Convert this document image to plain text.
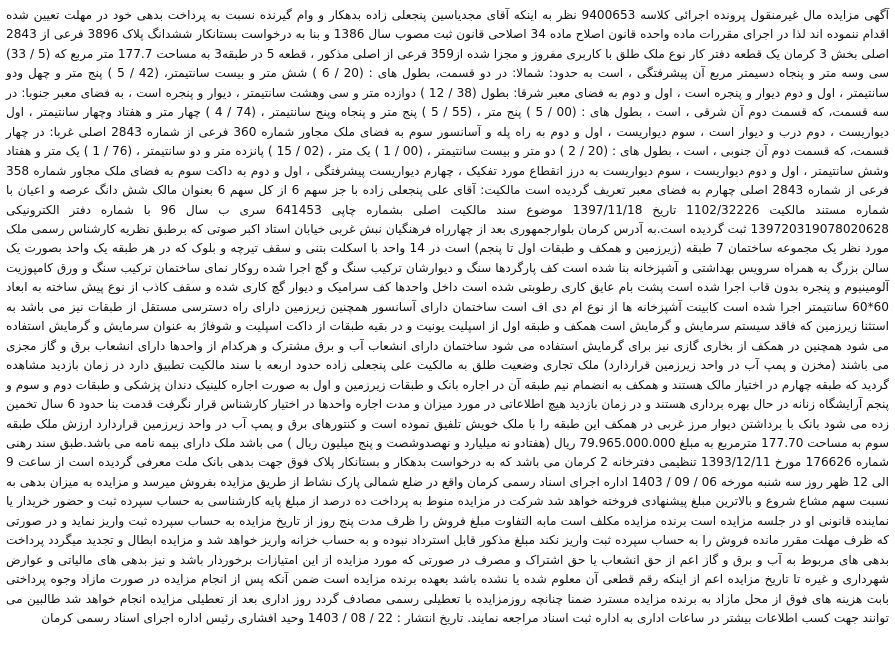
آگهی مزایده مال غیرمنقول پرونده اجرائی کلاسه 9400653 نظر به اینکه آقای مجدیاسین پنجعلی زاده بدهکار و وام گیرنده نسبت به پرداخت بدهی خود در مهلت تعیین شده اقدام ننموده اند لذا در اجرای مقررات ماده واحده قانون اصلاح ماده 34 اصلاحی قانون ثبت مصوب سال 1386 و بنا به درخواست بستانکار ششدانگ پلاک 3896 فرعی از 2843 اصلی بخش 3 کرمان یک قطعه دفتر کار نوع ملک طلق با کاربری مفروز و مجزا شده از359 فرعی از اصلی مذکور ، قطعه 5 در طبقه3 به مساحت 177.7 متر مربع که (5 / 33) سی وسه متر و پنجاه دسیمتر مربع آن پیشرفتگی ، است به حدود: شمالا: در دو قسمت، بطول های : (20 / 6 ) شش متر و بیست سانتیمتر، (42 / 5 ) پنج متر و چهل ودو سانتیمتر ، اول و دوم دیوار و پنجره است ، اول و دوم به فضای معبر شرقا: بطول (38 / 12 ) دوازده متر و سی وهشت سانتیمتر ، دیوار و پنجره است ، به فضای معبر جنوبا: در سه قسمت، که قسمت دوم آن شرقی ، است ، بطول های : (00 / 5 ) پنج متر ، (55 / 5 ) پنج متر و پنجاه وپنج سانتیمتر ، (74 / 4 ) چهار متر و هفتاد وچهار سانتیمتر ، اول دیواریست ، دوم درب و دیوار است ، سوم دیواریست ، اول و دوم به راه پله و آسانسور سوم به فضای ملک مجاور شماره 360 فرعی از شماره 2843 اصلی غربا: در چهار قسمت، که قسمت دوم آن جنوبی ، است ، بطول های : (20 / 2 ) دو متر و بیست سانتیمتر ، (00 / 1 ) یک متر ، (02 / 15 ) پانزده متر و دو سانتیمتر ، (76 / 1 ) یک متر و هفتاد وشش سانتیمتر ، اول و دوم دیواریست ، سوم دیواریست به درز انقطاع مورد تفکیک ، چهارم دیواریست پیشرفتگی ، اول و دوم به داکت سوم به فضای ملک مجاور شماره 358 فرعی از شماره 2843 اصلی چهارم به فضای معبر تعریف گردیده است مالکیت: آقای علی پنجعلی زاده با جز سهم 6 از کل سهم 6 بعنوان مالک شش دانگ عرصه و اعیان با شماره مستند مالکیت 1102/32226 تاریخ 1397/11/18 موضوع سند مالکیت اصلی بشماره چاپی 641453 سری ب سال 96 با شماره دفتر الکترونیکی 139720319078020628 ثبت گردیده است.به آدرس کرمان بلوارجمهوری بعد از چهارراه فرهنگیان نبش غربی خیابان استاد اکبر صوتی که برطبق نظریه کارشناس رسمی ملک مورد نظر یک مجموعه ساختمان 7 طبقه (زیرزمین و همکف و طبقات اول تا پنجم) است در 14 واحد با اسکلت بتنی و سقف تیرچه و بلوک که در هر طبقه یک واحد بصورت یک سالن بزرگ به همراه سرویس بهداشتی و آشپزخانه بنا شده است کف پارگردها سنگ و دیوارشان ترکیب سنگ و گچ اجرا شده روکار نمای ساختمان ترکیب سنگ و ورق کامپوزیت آلومینیوم و پنجره بدون قاب اجرا شده است پشت بام عایق کاری رطوبتی شده است داخل واحدها کف سرامیک و دیوار گچ کاری شده و سقف کاذب از نوع پیش ساخته به ابعاد 60*60 سانتیمتر اجرا شده است کابینت آشپزخانه ها از نوع ام دی اف است ساختمان دارای آسانسور همچنین زیرزمین دارای راه دسترسی مستقل از طبقات نیز می باشد به استثنا زیرزمین که فاقد سیستم سرمایش و گرمایش است همکف و طبقه اول از اسپلیت یونیت و در بقیه طبقات از داکت اسپلیت و شوفاژ به عنوان سرمایش و گرمایش استفاده می شود همچنین در همکف از بخاری گازی نیز برای گرمایش استفاده می شود ساختمان دارای انشعاب آب و برق مشترک و هرکدام از واحدها دارای انشعاب برق و گاز مجزی می باشند (مخزن و پمپ آب در واحد زیرزمین قراردارد) ملک تجاری وضعیت طلق به مالکیت علی پنجعلی زاده حدود اربعه با سند مالکیت تطبیق دارد در زمان بازدید مشاهده گردید که طبقه چهارم در اختیار مالک هستند و همکف به انضمام نیم طبقه آن در اجاره بانک و طبقات زیرزمین و اول به صورت اجاره کلینیک دندان پزشکی و طبقات دوم و سوم و پنجم آرایشگاه زنانه در حال بهره برداری هستند و در زمان بازدید هیچ اطلاعاتی در مورد میزان و مدت اجاره واحدها در اختیار کارشناس قرار نگرفت قدمت بنا حدود 6 سال تخمین زده می شود بانک با برداشتن دیوار مرز غربی در همکف این طبقه را با ملک خویش تلفیق نموده است و کنتورهای برق و پمپ آب در واحد زیرزمین قراردارد ارزش ملک طبقه سوم به مساحت 177.70 مترمربع به مبلغ 79.965.000.000 ریال (هفتادو نه میلیارد و نهصدوشصت و پنج میلیون ریال ) می باشد ملک دارای بیمه نامه می باشد.طبق سند رهنی شماره 176626 مورخ 1393/12/11 تنظیمی دفترخانه 2 کرمان می باشد که به درخواست بدهکار و بستانکار پلاک فوق جهت بدهی بانک ملت معرفی گردیده است از ساعت 9 الی 12 ظهر روز سه شنبه مورخه 06 / 09 / 1403 اداره اجرای اسناد رسمی کرمان واقع در ضلع شمالی پارک نشاط از طریق مزایده بفروش میرسد و مزایده به میزان بدهی به نسبت سهم مشاع شروع و بالاترین مبلغ پیشنهادی فروخته خواهد شد شرکت در مزایده منوط به پرداخت ده درصد از مبلغ پایه کارشناسی به حساب سپرده ثبت و حضور خریدار یا نماینده قانونی او در جلسه مزایده است برنده مزایده مکلف است مابه التفاوت مبلغ فروش را ظرف مدت پنج روز از تاریخ مزایده به حساب سپرده ثبت واریز نماید و در صورتی که ظرف مهلت مقرر مانده فروش را به حساب سپرده ثبت واریز نکند مبلغ مذکور قابل استرداد نبوده و به حساب خزانه واریز خواهد شد و مزایده ابطال و تجدید میگردد پرداخت بدهی های مربوط به آب و برق و گاز اعم از حق انشعاب یا حق اشتراک و مصرف در صورتی که مورد مزایده از این امتیازات برخوردار باشد و نیز بدهی های مالیاتی و عوارض شهرداری و غیره تا تاریخ مزایده اعم از اینکه رقم قطعی آن معلوم شده یا نشده باشد بعهده برنده مزایده است ضمن آنکه پس از انجام مزایده در صورت مازاد وجوه پرداختی بابت هزینه های فوق از محل مازاد به برنده مزایده مسترد ضمنا چنانچه روزمزایده با تعطیلی رسمی مصادف گردد روز اداری بعد از تعطیلی مزایده انجام خواهد شد طالبین می توانند جهت کسب اطلاعات بیشتر در ساعات اداری به اداره ثبت اسناد مراجعه نمایند. تاریخ انتشار : 22 / 08 / 1403 وحید افشاری رئیس اداره اجرای اسناد رسمی کرمان
